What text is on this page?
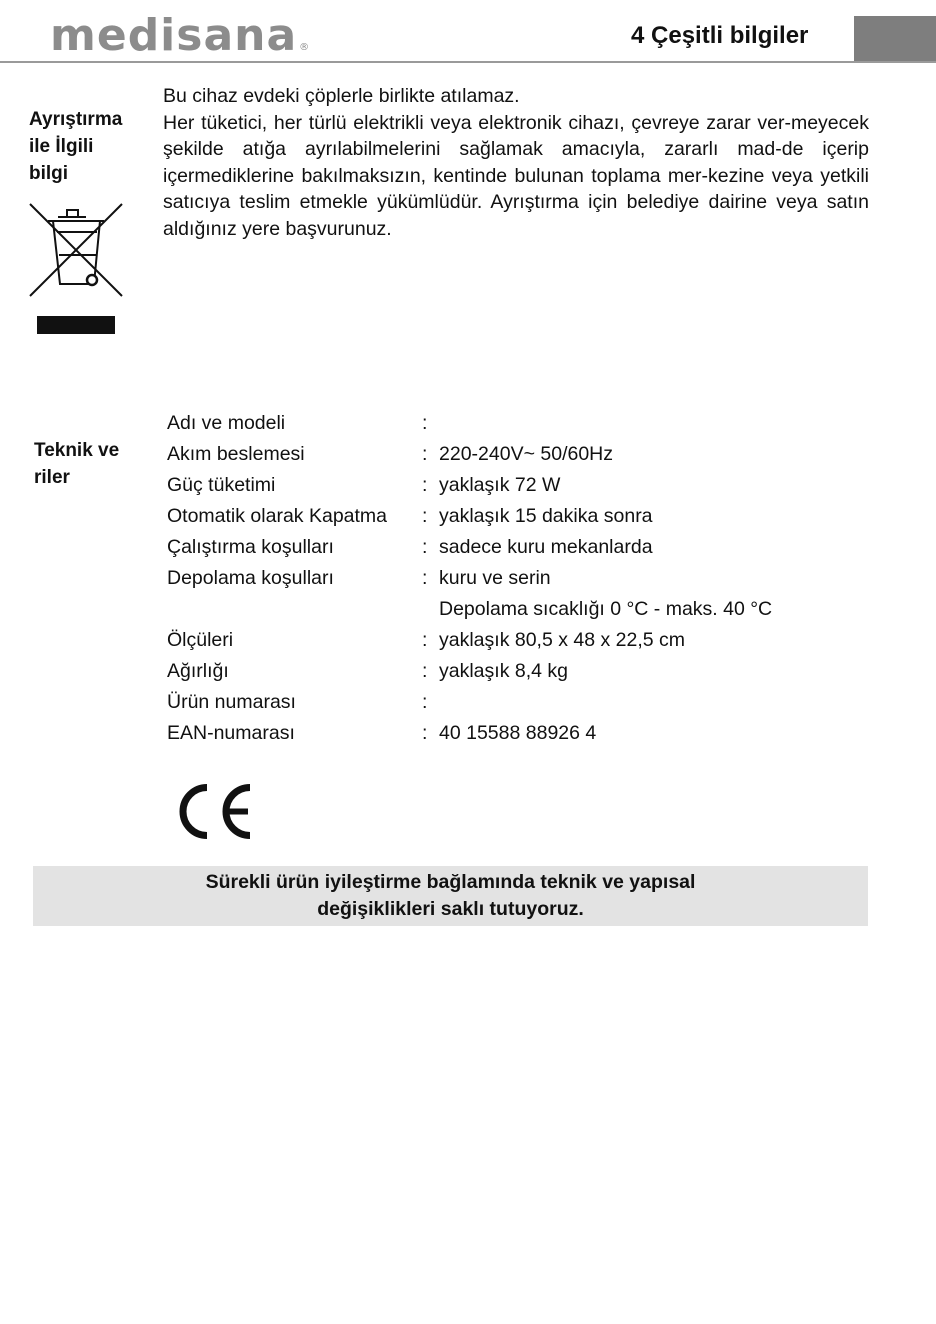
medisana ®	4 Çeşitli bilgiler
Ayrıştırma
ile İlgili
bilgi

Bu cihaz evdeki çöplerle birlikte atılamaz.

Her tüketici, her türlü elektrikli veya elektronik cihazı, çevreye zarar ver-meyecek şekilde atığa ayrılabilmelerini sağlamak amacıyla, zararlı mad-de içerip içermediklerine bakılmaksızın, kentinde bulunan toplama mer-kezine veya yetkili satıcıya teslim etmekle yükümlüdür. Ayrıştırma için belediye dairine veya satın aldığınız yere başvurunuz.

Teknik ve
riler
Adı ve modeli	:
Akım beslemesi	: 220-240V~ 50/60Hz
Güç tüketimi	: yaklaşık 72 W
Otomatik olarak Kapatma	: yaklaşık 15 dakika sonra
Çalıştırma koşulları	: sadece kuru mekanlarda
Depolama koşulları	: kuru ve serin
Depolama sıcaklığı 0 °C - maks. 40 °C
Ölçüleri	: yaklaşık 80,5 x 48 x 22,5 cm
Ağırlığı	: yaklaşık 8,4 kg
Ürün numarası	:
EAN-numarası	: 40 15588 88926 4
Sürekli ürün iyileştirme bağlamında teknik ve yapısal
değişiklikleri saklı tutuyoruz.
